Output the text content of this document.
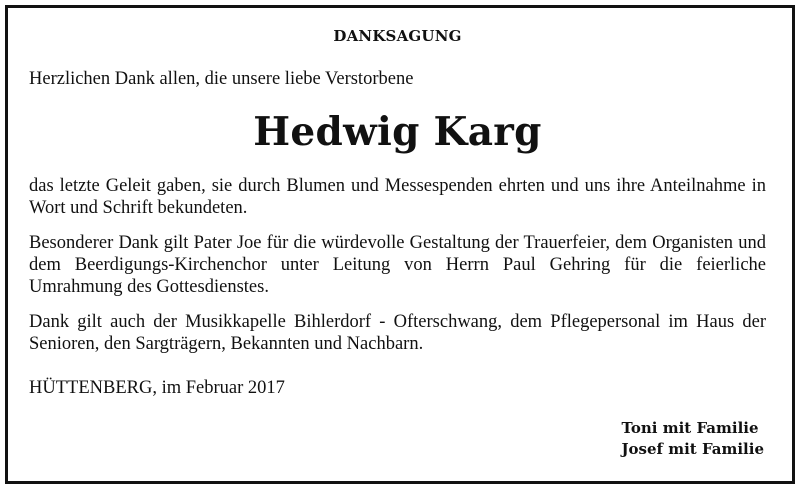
DANKSAGUNG

Herzlichen Dank allen, die unsere liebe Verstorbene

Hedwig Karg

das letzte Geleit gaben, sie durch Blumen und Messespenden ehrten und uns ihre Anteilnahme in Wort und Schrift bekundeten.

Besonderer Dank gilt Pater Joe für die würdevolle Gestaltung der Trauerfeier, dem Organisten und dem Beerdigungs-Kirchenchor unter Leitung von Herrn Paul Gehring für die feierliche Umrahmung des Gottesdienstes.

Dank gilt auch der Musikkapelle Bihlerdorf - Ofterschwang, dem Pflegepersonal im Haus der Senioren, den Sargträgern, Bekannten und Nachbarn.

HÜTTENBERG, im Februar 2017

Toni mit Familie
Josef mit Familie
